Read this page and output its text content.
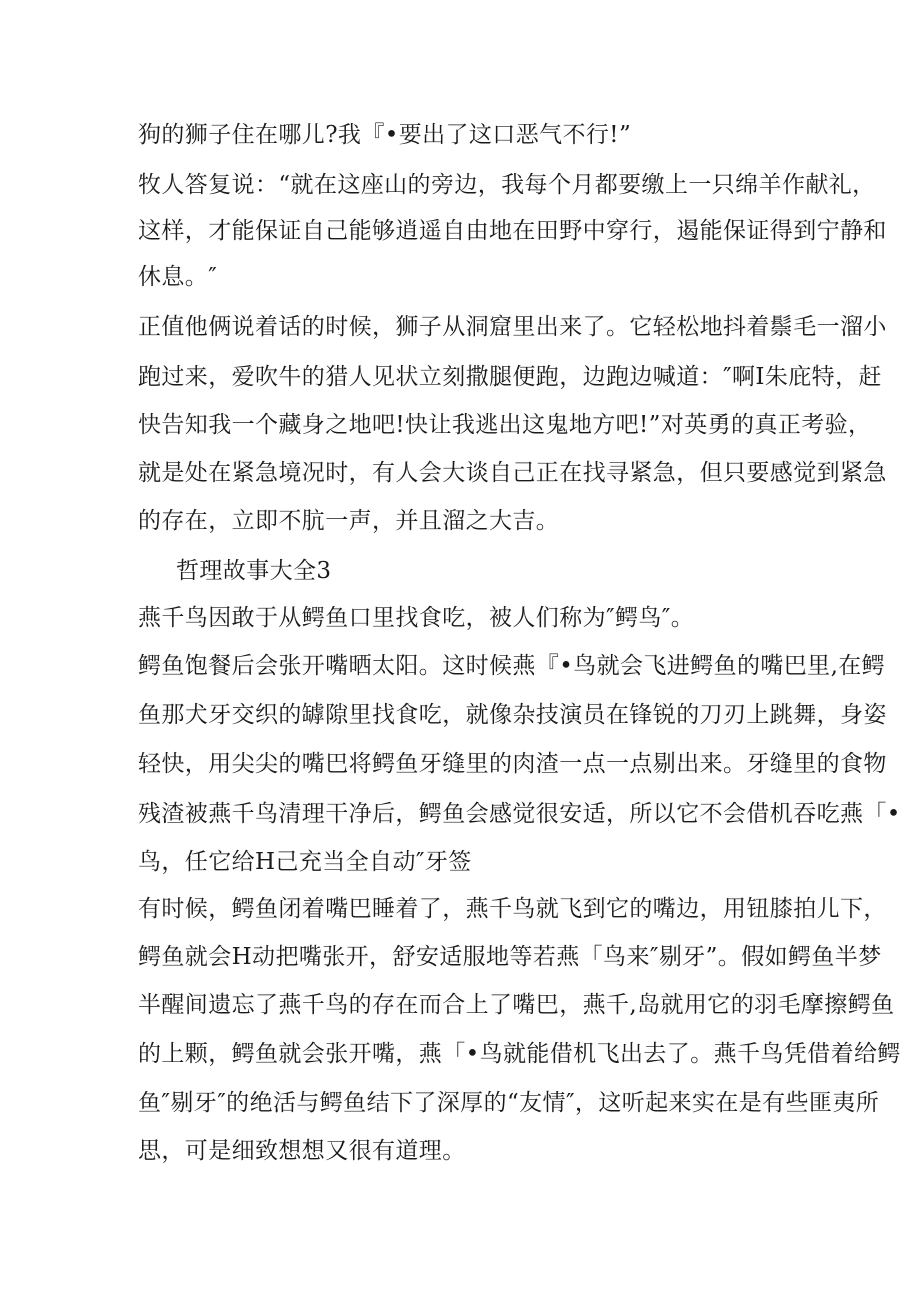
狗的狮子住在哪儿?我『•要出了这口恶气不行!”
牧人答复说：“就在这座山的旁边，我每个月都要缴上一只绵羊作献礼，
这样，才能保证自己能够逍遥自由地在田野中穿行，遏能保证得到宁静和
休息。″
正值他俩说着话的时候，狮子从洞窟里出来了。它轻松地抖着鬃毛一溜小
跑过来，爱吹牛的猎人见状立刻撒腿便跑，边跑边喊道：″啊I朱庇特，赶
快告知我一个藏身之地吧!快让我逃出这鬼地方吧!”对英勇的真正考验，
就是处在紧急境况时，有人会大谈自己正在找寻紧急，但只要感觉到紧急
的存在，立即不肮一声，并且溜之大吉。
哲理故事大全3
燕千鸟因敢于从鳄鱼口里找食吃，被人们称为″鳄鸟″。
鳄鱼饱餐后会张开嘴晒太阳。这时候燕『•鸟就会飞进鳄鱼的嘴巴里,在鳄
鱼那犬牙交织的罅隙里找食吃，就像杂技演员在锋锐的刀刃上跳舞，身姿
轻快，用尖尖的嘴巴将鳄鱼牙缝里的肉渣一点一点剔出来。牙缝里的食物
残渣被燕千鸟清理干净后，鳄鱼会感觉很安适，所以它不会借机吞吃燕「•
鸟，任它给H己充当全自动″牙签
有时候，鳄鱼闭着嘴巴睡着了，燕千鸟就飞到它的嘴边，用钮膝拍儿下，
鳄鱼就会H动把嘴张开，舒安适服地等若燕「鸟来″剔牙”。假如鳄鱼半梦
半醒间遗忘了燕千鸟的存在而合上了嘴巴，燕千,岛就用它的羽毛摩擦鳄鱼
的上颗，鳄鱼就会张开嘴，燕「•鸟就能借机飞出去了。燕千鸟凭借着给鳄
鱼″剔牙″的绝活与鳄鱼结下了深厚的“友情″，这听起来实在是有些匪夷所
思，可是细致想想又很有道理。
